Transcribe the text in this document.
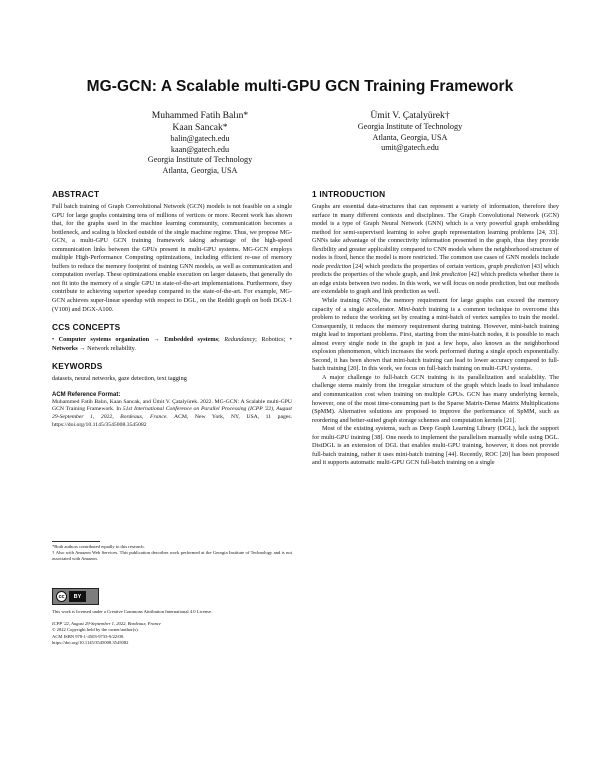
MG-GCN: A Scalable multi-GPU GCN Training Framework
Muhammed Fatih Balın*
Kaan Sancak*
balin@gatech.edu
kaan@gatech.edu
Georgia Institute of Technology
Atlanta, Georgia, USA
Ümit V. Çatalyürek†
Georgia Institute of Technology
Atlanta, Georgia, USA
umit@gatech.edu
ABSTRACT

Full batch training of Graph Convolutional Network (GCN) models is not feasible on a single GPU for large graphs containing tens of millions of vertices or more. Recent work has shown that, for the graphs used in the machine learning community, communication becomes a bottleneck, and scaling is blocked outside of the single machine regime. Thus, we propose MG-GCN, a multi-GPU GCN training framework taking advantage of the high-speed communication links between the GPUs present in multi-GPU systems. MG-GCN employs multiple High-Performance Computing optimizations, including efficient re-use of memory buffers to reduce the memory footprint of training GNN models, as well as communication and computation overlap. These optimizations enable execution on larger datasets, that generally do not fit into the memory of a single GPU in state-of-the-art implementations. Furthermore, they contribute to achieving superior speedup compared to the state-of-the-art. For example, MG-GCN achieves super-linear speedup with respect to DGL, on the Reddit graph on both DGX-1 (V100) and DGX-A100.

CCS CONCEPTS

• Computer systems organization → Embedded systems; Redundancy; Robotics; • Networks → Network reliability.

KEYWORDS

datasets, neural networks, gaze detection, text tagging

ACM Reference Format:

Muhammed Fatih Balın, Kaan Sancak, and Ümit V. Çatalyürek. 2022. MG-GCN: A Scalable multi-GPU GCN Training Framework. In 51st International Conference on Parallel Processing (ICPP '22), August 29-September 1, 2022, Bordeaux, France. ACM, New York, NY, USA, 11 pages. https://doi.org/10.1145/3545008.3545082

*Both authors contributed equally to this research.

† Also with Amazon Web Services. This publication describes work performed at the Georgia Institute of Technology and is not associated with Amazon.

cc	BY

This work is licensed under a Creative Commons Attribution International 4.0 License.

ICPP '22, August 29-September 1, 2022, Bordeaux, France

© 2022 Copyright held by the owner/author(s).

ACM ISBN 978-1-4503-9733-9/22/08.

https://doi.org/10.1145/3545008.3545082

1 INTRODUCTION

Graphs are essential data-structures that can represent a variety of information, therefore they surface in many different contexts and disciplines. The Graph Convolutional Network (GCN) model is a type of Graph Neural Network (GNN) which is a very powerful graph embedding method for semi-supervised learning to solve graph representation learning problems [24, 33]. GNNs take advantage of the connectivity information presented in the graph, thus they provide flexibility and greater applicability compared to CNN models where the neighborhood structure of nodes is fixed, hence the model is more restricted. The common use cases of GNN models include node prediction [24] which predicts the properties of certain vertices, graph prediction [43] which predicts the properties of the whole graph, and link prediction [42] which predicts whether there is an edge exists between two nodes. In this work, we will focus on node prediction, but our methods are extendable to graph and link prediction as well.

While training GNNs, the memory requirement for large graphs can exceed the memory capacity of a single accelerator. Mini-batch training is a common technique to overcome this problem to reduce the working set by creating a mini-batch of vertex samples to train the model. Consequently, it reduces the memory requirement during training. However, mini-batch training might lead to important problems. First, starting from the mini-batch nodes, it is possible to reach almost every single node in the graph in just a few hops, also known as the neighborhood explosion phenomenon, which increases the work performed during a single epoch exponentially. Second, it has been shown that mini-batch training can lead to lower accuracy compared to full-batch training [20]. In this work, we focus on full-batch training on multi-GPU systems.

A major challenge to full-batch GCN training is its parallelization and scalability. The challenge stems mainly from the irregular structure of the graph which leads to load imbalance and communication cost when training on multiple GPUs. GCN has many underlying kernels, however, one of the most time-consuming part is the Sparse Matrix-Dense Matrix Multiplications (SpMM). Alternative solutions are proposed to improve the performance of SpMM, such as reordering and better-suited graph storage schemes and computation kernels [21].

Most of the existing systems, such as Deep Graph Learning Library (DGL), lack the support for multi-GPU training [38]. One needs to implement the parallelism manually while using DGL. DistDGL is an extension of DGL that enables multi-GPU training, however, it does not provide full-batch training, rather it uses mini-batch training [44]. Recently, ROC [20] has been proposed and it supports automatic multi-GPU GCN full-batch training on a single
